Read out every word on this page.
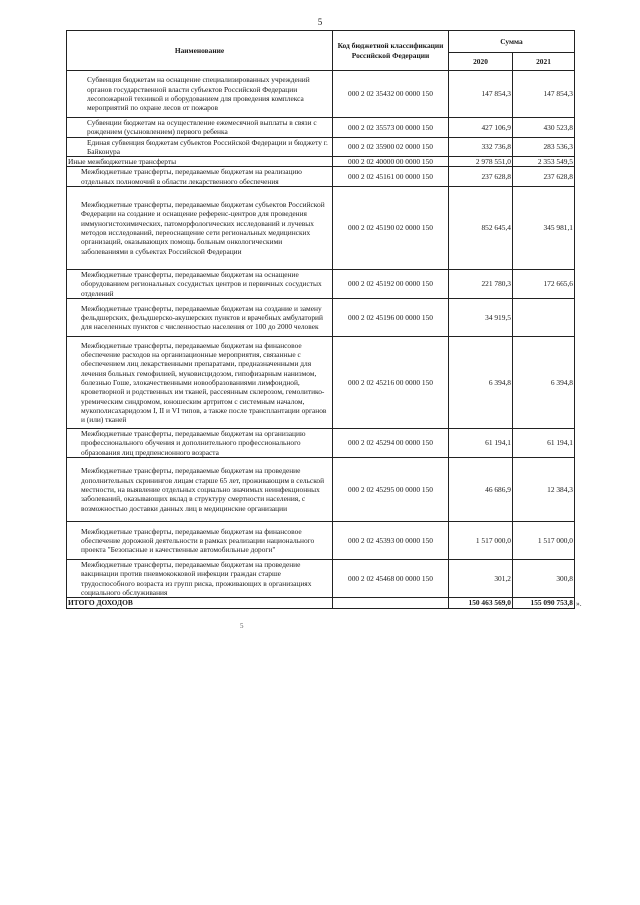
5
Наименование	Код бюджетной классификации Российской Федерации	Сумма	
		2020	2021
Субвенция бюджетам на оснащение специализированных учреждений органов государственной власти субъектов Российской Федерации лесопожарной техникой и оборудованием для проведения комплекса мероприятий по охране лесов от пожаров	000 2 02 35432 00 0000 150	147 854,3	147 854,3
Субвенции бюджетам на осуществление ежемесячной выплаты в связи с рождением (усыновлением) первого ребенка	000 2 02 35573 00 0000 150	427 106,9	430 523,8
Единая субвенция бюджетам субъектов Российской Федерации и бюджету г. Байконура	000 2 02 35900 02 0000 150	332 736,8	283 536,3
Иные межбюджетные трансферты	000 2 02 40000 00 0000 150	2 978 551,0	2 353 549,5
Межбюджетные трансферты, передаваемые бюджетам на реализацию отдельных полномочий в области лекарственного обеспечения	000 2 02 45161 00 0000 150	237 628,8	237 628,8
Межбюджетные трансферты, передаваемые бюджетам субъектов Российской Федерации на создание и оснащение референс-центров для проведения иммуногистохимических, патоморфологических исследований и лучевых методов исследований, переоснащение сети региональных медицинских организаций, оказывающих помощь больным онкологическими заболеваниями в субъектах Российской Федерации	000 2 02 45190 02 0000 150	852 645,4	345 981,1
Межбюджетные трансферты, передаваемые бюджетам на оснащение оборудованием региональных сосудистых центров и первичных сосудистых отделений	000 2 02 45192 00 0000 150	221 780,3	172 665,6
Межбюджетные трансферты, передаваемые бюджетам на создание и замену фельдшерских, фельдшерско-акушерских пунктов и врачебных амбулаторий для населенных пунктов с численностью населения от 100 до 2000 человек	000 2 02 45196 00 0000 150	34 919,5	
Межбюджетные трансферты, передаваемые бюджетам на финансовое обеспечение расходов на организационные мероприятия, связанные с обеспечением лиц лекарственными препаратами, предназначенными для лечения больных гемофилией, муковисцидозом, гипофизарным нанизмом, болезнью Гоше, злокачественными новообразованиями лимфоидной, кроветворной и родственных им тканей, рассеянным склерозом, гемолитико-уремическим синдромом, юношеским артритом с системным началом, мукополисахаридозом I, II и VI типов, а также после трансплантации органов и (или) тканей	000 2 02 45216 00 0000 150	6 394,8	6 394,8
Межбюджетные трансферты, передаваемые бюджетам на организацию профессионального обучения и дополнительного профессионального образования лиц предпенсионного возраста	000 2 02 45294 00 0000 150	61 194,1	61 194,1
Межбюджетные трансферты, передаваемые бюджетам на проведение дополнительных скринингов лицам старше 65 лет, проживающим в сельской местности, на выявление отдельных социально значимых неинфекционных заболеваний, оказывающих вклад в структуру смертности населения, с возможностью доставки данных лиц в медицинские организации	000 2 02 45295 00 0000 150	46 686,9	12 384,3
Межбюджетные трансферты, передаваемые бюджетам на финансовое обеспечение дорожной деятельности в рамках реализации национального проекта "Безопасные и качественные автомобильные дороги"	000 2 02 45393 00 0000 150	1 517 000,0	1 517 000,0
Межбюджетные трансферты, передаваемые бюджетам на проведение вакцинации против пневмококковой инфекции граждан старше трудоспособного возраста из групп риска, проживающих в организациях социального обслуживания	000 2 02 45468 00 0000 150	301,2	300,8
ИТОГО ДОХОДОВ		150 463 569,0	155 090 753,8 ».
5
